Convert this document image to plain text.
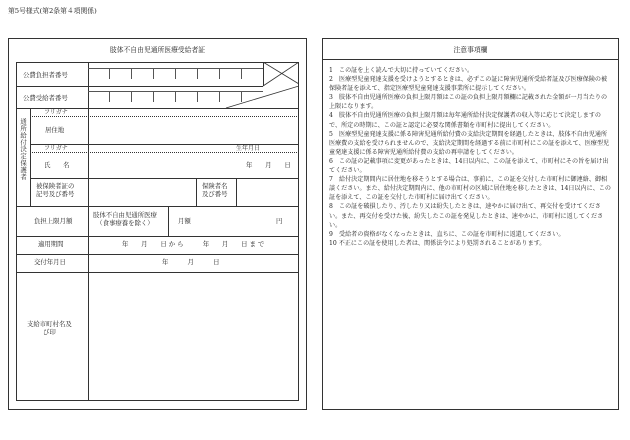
第5号様式(第2条第４項関係)
肢体不自由児通所医療受給者証
公費負担者番号
公費受給者番号
通所給付決定保護者
フリガナ
居住地
フリガナ	生年月日
氏　　名	年　　月　　日
被保険者証の
記号及び番号
保険者名
及び番号
負担上限月額
肢体不自由児通所医療
（食事療養を除く）	月額	円
適用期間	年　　月　　日 か ら　　　年　　月　　日 ま で
交付年月日	年　　　月　　　日
支給市町村名及
び印
注意事項欄
1　この証を上く読んで大切に持っていてください。
2　医療型児童発達支援を受けようとするときは、必ずこの証に障害児通所受給者証及び医療保険の被保険者証を添えて、指定医療型児童発達支援事業所に提示してください。
3　肢体不自由児通所医療の負担上限月額はこの証の負担上限月額欄に記載された金額が一月当たりの上限になります。
4　肢体不自由児通所医療の負担上限月額は毎年通所給付決定保護者の収入等に応じて決定しますので、所定の時期に、この証と認定に必要な関係書類を市町村に提出してください。
5　医療型児童発達支援に係る障害児通所給付費の支給決定期間を経過したときは、肢体不自由児通所医療費の支給を受けられませんので、支給決定期間を経過する前に市町村にこの証を添えて、医療型児童発達支援に係る障害児通所給付費の支給の再申請をしてください。
6　この証の記載事項に変更があったときは、14日以内に、この証を添えて、市町村にその旨を届け出てください。
7　給付決定期間内に居住地を移そうとする場合は、事前に、この証を交付した市町村に御連絡、御相談ください。また、給付決定期間内に、他の市町村の区域に居住地を移したときは、14日以内に、この証を添えて、この証を交付した市町村に届け出てください。
8　この証を破損したり、汚したり又は紛失したときは、速やかに届け出て、再交付を受けてください。また、再交付を受けた後、紛失したこの証を発見したときは、速やかに、市町村に返してください。
9　受給者の資格がなくなったときは、直ちに、この証を市町村に返還してください。
10 不正にこの証を使用した者は、関係法令により処罰されることがあります。
